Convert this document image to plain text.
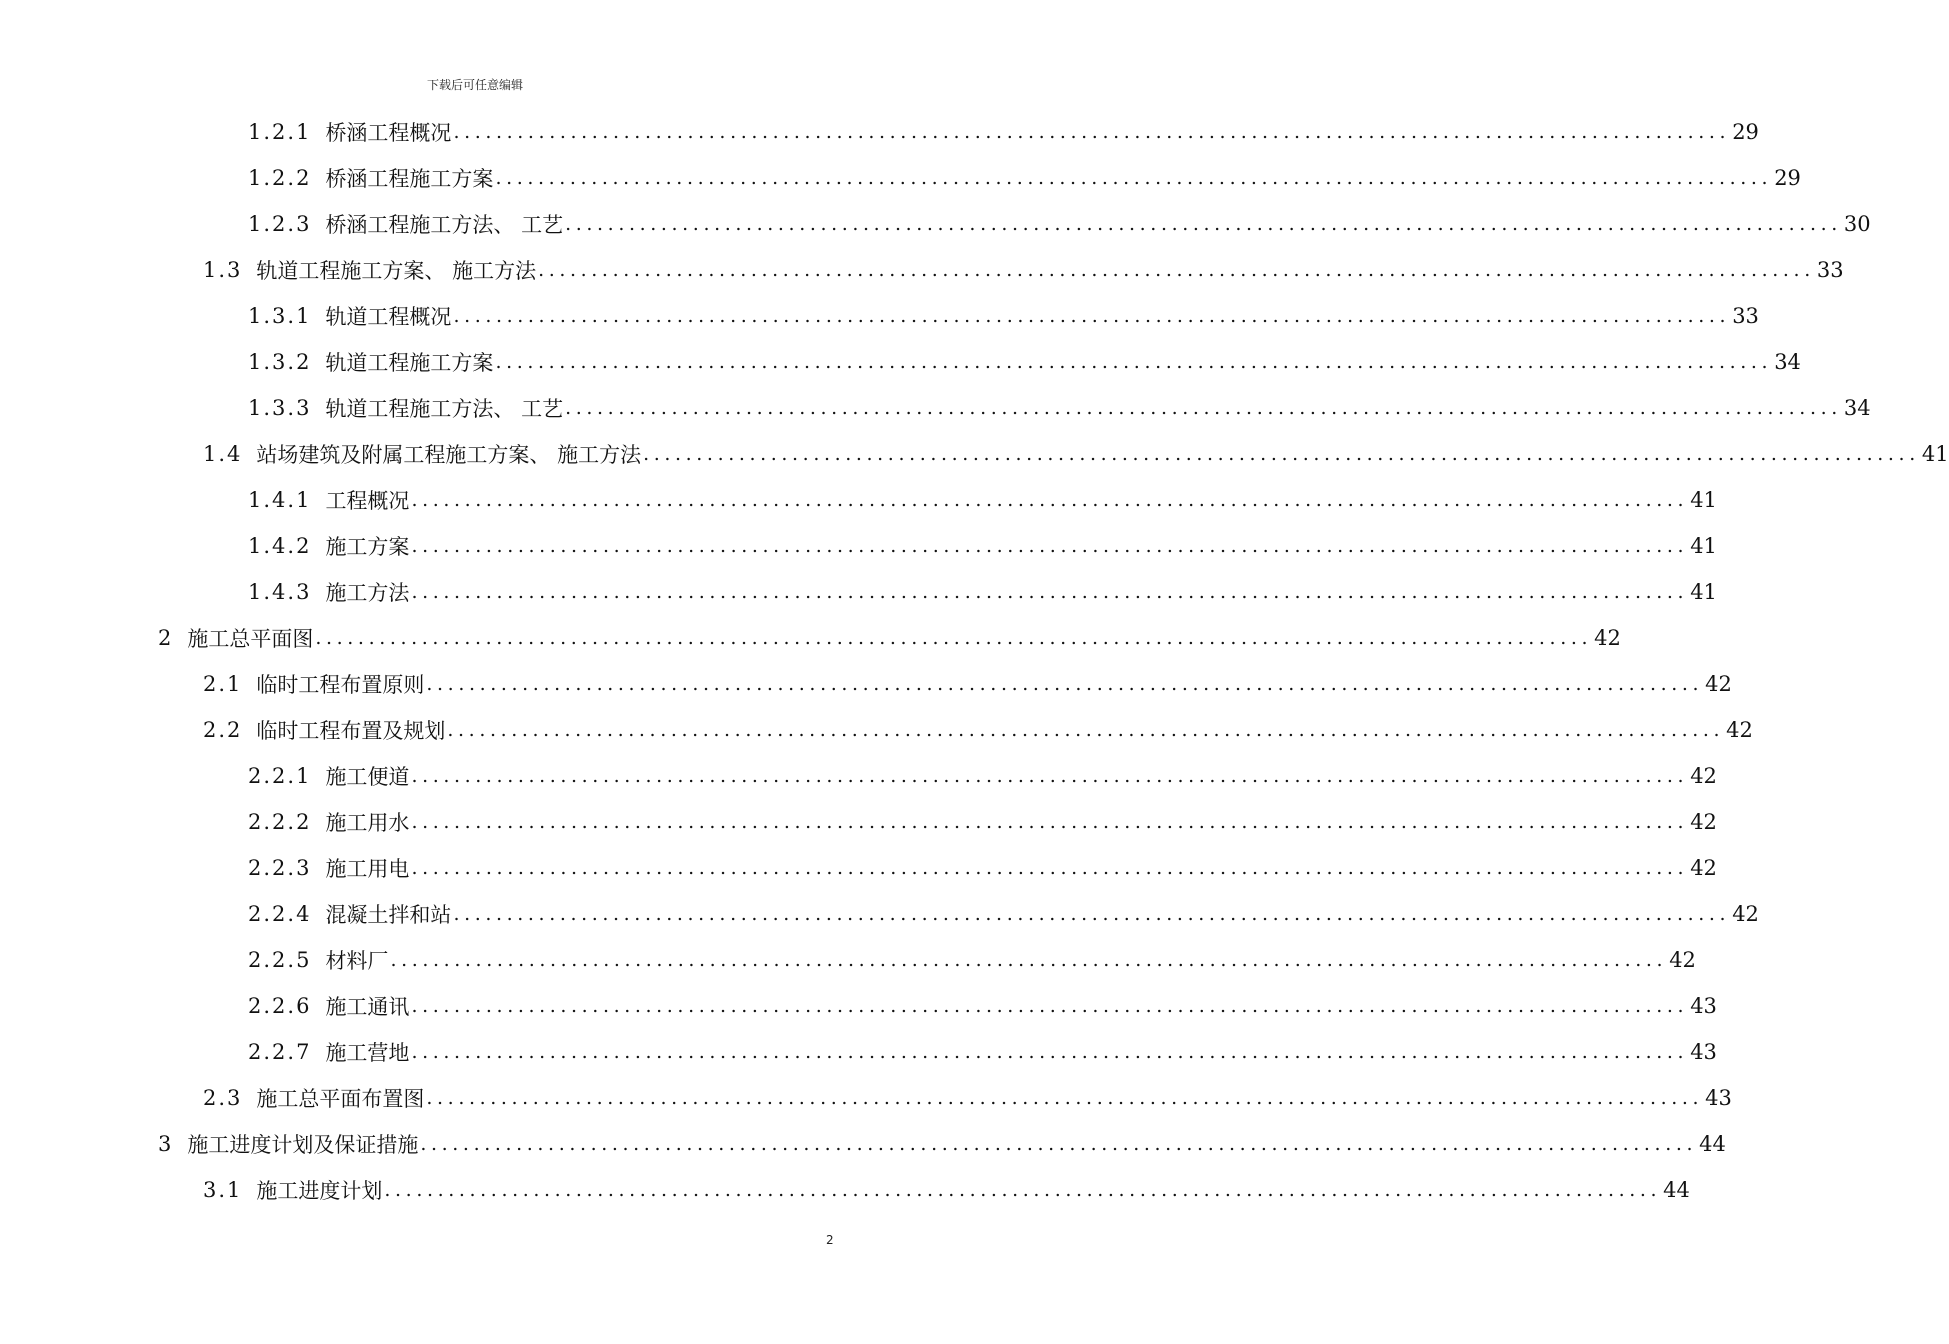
下载后可任意编辑
1.2.1 桥涵工程概况 ........................................................................................................................ 29
1.2.2 桥涵工程施工方案 ........................................................................................................................ 29
1.2.3 桥涵工程施工方法、 工艺 ........................................................................................................................ 30
1.3 轨道工程施工方案、 施工方法 ........................................................................................................................ 33
1.3.1 轨道工程概况 ........................................................................................................................ 33
1.3.2 轨道工程施工方案 ........................................................................................................................ 34
1.3.3 轨道工程施工方法、 工艺 ........................................................................................................................ 34
1.4 站场建筑及附属工程施工方案、 施工方法 ........................................................................................................................ 41
1.4.1 工程概况 ........................................................................................................................ 41
1.4.2 施工方案 ........................................................................................................................ 41
1.4.3 施工方法 ........................................................................................................................ 41
2 施工总平面图 ........................................................................................................................ 42
2.1 临时工程布置原则 ........................................................................................................................ 42
2.2 临时工程布置及规划 ........................................................................................................................ 42
2.2.1 施工便道 ........................................................................................................................ 42
2.2.2 施工用水 ........................................................................................................................ 42
2.2.3 施工用电 ........................................................................................................................ 42
2.2.4 混凝土拌和站 ........................................................................................................................ 42
2.2.5 材料厂 ........................................................................................................................ 42
2.2.6 施工通讯 ........................................................................................................................ 43
2.2.7 施工营地 ........................................................................................................................ 43
2.3 施工总平面布置图 ........................................................................................................................ 43
3 施工进度计划及保证措施 ........................................................................................................................ 44
3.1 施工进度计划 ........................................................................................................................ 44
2
